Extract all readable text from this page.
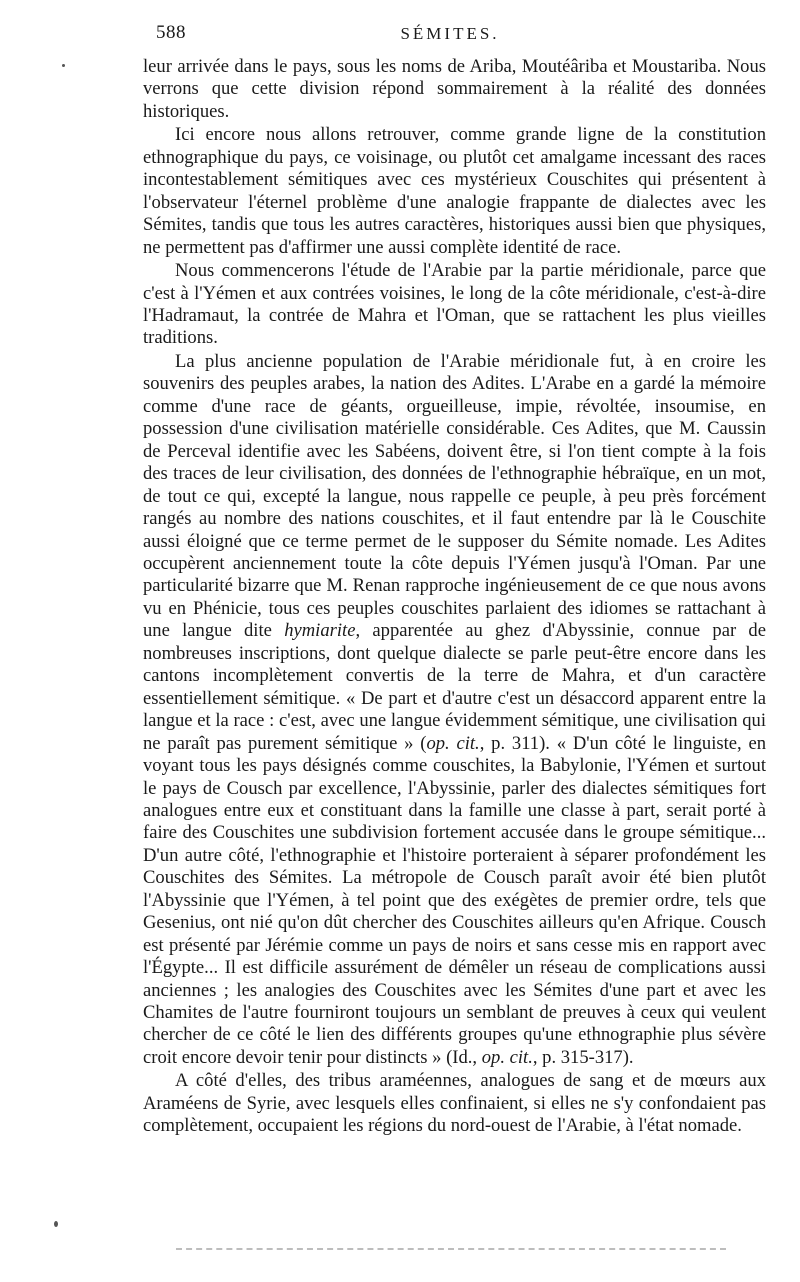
588	SÉMITES.

leur arrivée dans le pays, sous les noms de Ariba, Moutéâriba et Moustariba. Nous verrons que cette division répond sommairement à la réalité des données historiques.

Ici encore nous allons retrouver, comme grande ligne de la constitution ethnographique du pays, ce voisinage, ou plutôt cet amalgame incessant des races incontestablement sémitiques avec ces mystérieux Couschites qui présentent à l'observateur l'éternel problème d'une analogie frappante de dialectes avec les Sémites, tandis que tous les autres caractères, historiques aussi bien que physiques, ne permettent pas d'affirmer une aussi complète identité de race.

Nous commencerons l'étude de l'Arabie par la partie méridionale, parce que c'est à l'Yémen et aux contrées voisines, le long de la côte méridionale, c'est-à-dire l'Hadramaut, la contrée de Mahra et l'Oman, que se rattachent les plus vieilles traditions.

La plus ancienne population de l'Arabie méridionale fut, à en croire les souvenirs des peuples arabes, la nation des Adites. L'Arabe en a gardé la mémoire comme d'une race de géants, orgueilleuse, impie, révoltée, insoumise, en possession d'une civilisation matérielle considérable. Ces Adites, que M. Caussin de Perceval identifie avec les Sabéens, doivent être, si l'on tient compte à la fois des traces de leur civilisation, des données de l'ethnographie hébraïque, en un mot, de tout ce qui, excepté la langue, nous rappelle ce peuple, à peu près forcément rangés au nombre des nations couschites, et il faut entendre par là le Couschite aussi éloigné que ce terme permet de le supposer du Sémite nomade. Les Adites occupèrent anciennement toute la côte depuis l'Yémen jusqu'à l'Oman. Par une particularité bizarre que M. Renan rapproche ingénieusement de ce que nous avons vu en Phénicie, tous ces peuples couschites parlaient des idiomes se rattachant à une langue dite hymiarite, apparentée au ghez d'Abyssinie, connue par de nombreuses inscriptions, dont quelque dialecte se parle peut-être encore dans les cantons incomplètement convertis de la terre de Mahra, et d'un caractère essentiellement sémitique. « De part et d'autre c'est un désaccord apparent entre la langue et la race : c'est, avec une langue évidemment sémitique, une civilisation qui ne paraît pas purement sémitique » (op. cit., p. 311). « D'un côté le linguiste, en voyant tous les pays désignés comme couschites, la Babylonie, l'Yémen et surtout le pays de Cousch par excellence, l'Abyssinie, parler des dialectes sémitiques fort analogues entre eux et constituant dans la famille une classe à part, serait porté à faire des Couschites une subdivision fortement accusée dans le groupe sémitique... D'un autre côté, l'ethnographie et l'histoire porteraient à séparer profondément les Couschites des Sémites. La métropole de Cousch paraît avoir été bien plutôt l'Abyssinie que l'Yémen, à tel point que des exégètes de premier ordre, tels que Gesenius, ont nié qu'on dût chercher des Couschites ailleurs qu'en Afrique. Cousch est présenté par Jérémie comme un pays de noirs et sans cesse mis en rapport avec l'Égypte... Il est difficile assurément de démêler un réseau de complications aussi anciennes ; les analogies des Couschites avec les Sémites d'une part et avec les Chamites de l'autre fourniront toujours un semblant de preuves à ceux qui veulent chercher de ce côté le lien des différents groupes qu'une ethnographie plus sévère croit encore devoir tenir pour distincts » (Id., op. cit., p. 315-317).

A côté d'elles, des tribus araméennes, analogues de sang et de mœurs aux Araméens de Syrie, avec lesquels elles confinaient, si elles ne s'y confondaient pas complètement, occupaient les régions du nord-ouest de l'Arabie, à l'état nomade.
